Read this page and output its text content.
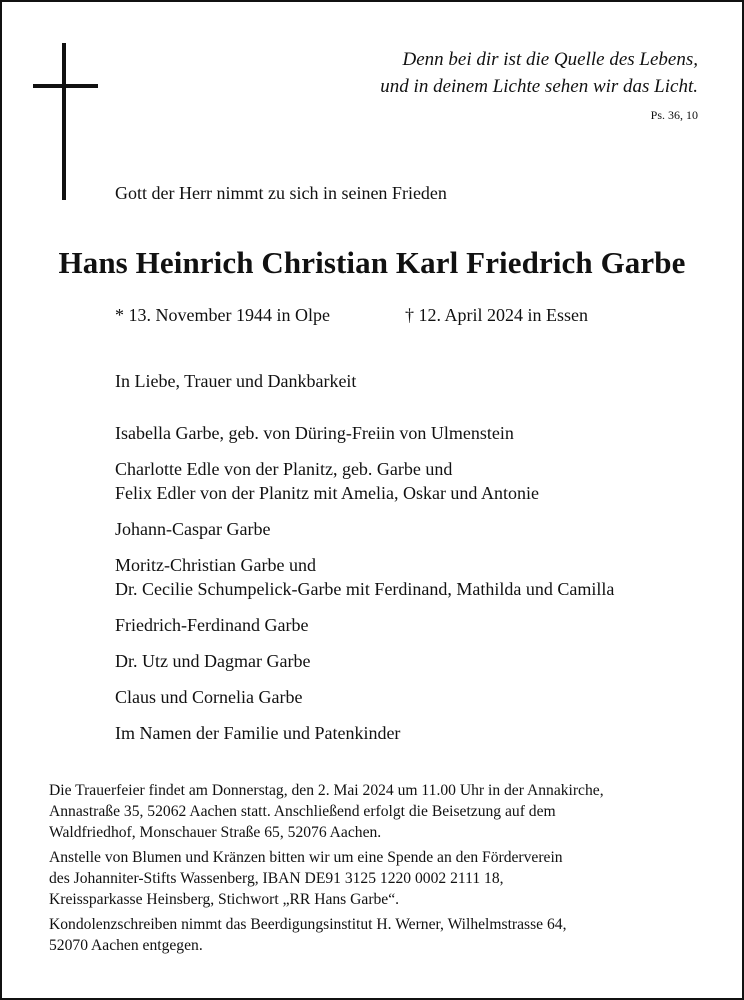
Denn bei dir ist die Quelle des Lebens,
und in deinem Lichte sehen wir das Licht.
Ps. 36, 10
Gott der Herr nimmt zu sich in seinen Frieden
Hans Heinrich Christian Karl Friedrich Garbe
* 13. November 1944 in Olpe	† 12. April 2024 in Essen
In Liebe, Trauer und Dankbarkeit
Isabella Garbe, geb. von Düring-Freiin von Ulmenstein
Charlotte Edle von der Planitz, geb. Garbe und
Felix Edler von der Planitz mit Amelia, Oskar und Antonie
Johann-Caspar Garbe
Moritz-Christian Garbe und
Dr. Cecilie Schumpelick-Garbe mit Ferdinand, Mathilda und Camilla
Friedrich-Ferdinand Garbe
Dr. Utz und Dagmar Garbe
Claus und Cornelia Garbe
Im Namen der Familie und Patenkinder
Die Trauerfeier findet am Donnerstag, den 2. Mai 2024 um 11.00 Uhr in der Annakirche,
Annastraße 35, 52062 Aachen statt. Anschließend erfolgt die Beisetzung auf dem
Waldfriedhof, Monschauer Straße 65, 52076 Aachen.
Anstelle von Blumen und Kränzen bitten wir um eine Spende an den Förderverein
des Johanniter-Stifts Wassenberg, IBAN DE91 3125 1220 0002 2111 18,
Kreissparkasse Heinsberg, Stichwort „RR Hans Garbe“.
Kondolenzschreiben nimmt das Beerdigungsinstitut H. Werner, Wilhelmstrasse 64,
52070 Aachen entgegen.
